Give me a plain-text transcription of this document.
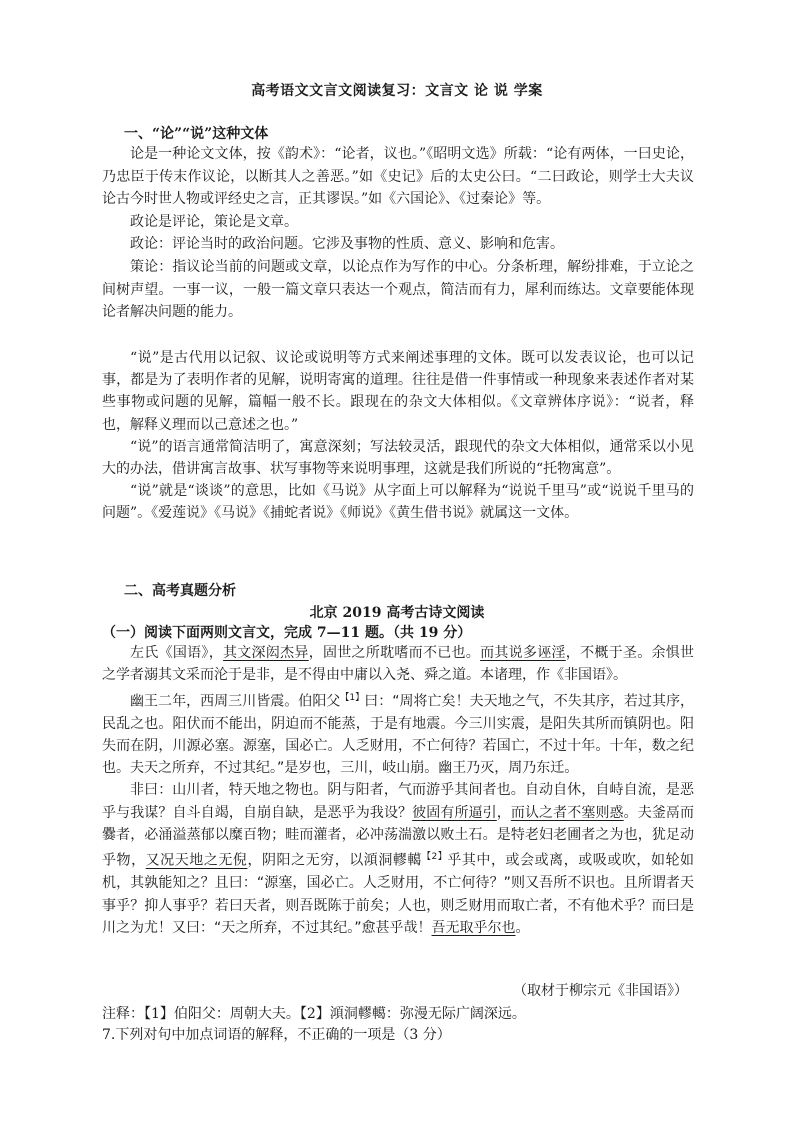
高考语文文言文阅读复习：文言文 论 说 学案
一、“论”“说”这种文体

论是一种论文文体，按《韵术》：“论者，议也。”《昭明文选》所载：“论有两体，一曰史论，乃忠臣于传末作议论，以断其人之善恶。”如《史记》后的太史公曰。“二曰政论，则学士大夫议论古今时世人物或评经史之言，正其谬误。”如《六国论》、《过秦论》等。

政论是评论，策论是文章。

政论：评论当时的政治问题。它涉及事物的性质、意义、影响和危害。

策论：指议论当前的问题或文章，以论点作为写作的中心。分条析理，解纷排难，于立论之间树声望。一事一议，一般一篇文章只表达一个观点，简洁而有力，犀利而练达。文章要能体现论者解决问题的能力。

“说”是古代用以记叙、议论或说明等方式来阐述事理的文体。既可以发表议论，也可以记事，都是为了表明作者的见解，说明寄寓的道理。往往是借一件事情或一种现象来表述作者对某些事物或问题的见解，篇幅一般不长。跟现在的杂文大体相似。《文章辨体序说》：“说者，释也，解释义理而以己意述之也。”

“说”的语言通常简洁明了，寓意深刻；写法较灵活，跟现代的杂文大体相似，通常采以小见大的办法，借讲寓言故事、状写事物等来说明事理，这就是我们所说的“托物寓意”。

“说”就是“谈谈”的意思，比如《马说》从字面上可以解释为“说说千里马”或“说说千里马的问题”。《爱莲说》《马说》《捕蛇者说》《师说》《黄生借书说》就属这一文体。

二、高考真题分析
北京 2019 高考古诗文阅读
（一）阅读下面两则文言文，完成 7—11 题。（共 19 分）

左氏《国语》，其文深闳杰异，固世之所耽嗜而不已也。而其说多诬淫，不概于圣。余惧世之学者溺其文采而沦于是非，是不得由中庸以入尧、舜之道。本诸理，作《非国语》。

幽王二年，西周三川皆震。伯阳父$^{【1】}$曰：“周将亡矣！夫天地之气，不失其序，若过其序，民乱之也。阳伏而不能出，阴迫而不能蒸，于是有地震。今三川实震，是阳失其所而镇阴也。阳失而在阴，川源必塞。源塞，国必亡。人乏财用，不亡何待？若国亡，不过十年。十年，数之纪也。夫天之所弃，不过其纪。”是岁也，三川，岐山崩。幽王乃灭，周乃东迁。

非曰：山川者，特天地之物也。阴与阳者，气而游乎其间者也。自动自休，自峙自流，是恶乎与我谋？自斗自竭，自崩自缺，是恶乎为我设？彼固有所逼引，而认之者不塞则惑。夫釜鬲而爨者，必涌溢蒸郁以糜百物；畦而灌者，必冲荡湍激以败土石。是特老妇老圃者之为也，犹足动乎物，又况天地之无倪，阴阳之无穷，以澒洞轇轕$^{【2】}$乎其中，或会或离，或吸或吹，如轮如机，其孰能知之？且曰：“源塞，国必亡。人乏财用，不亡何待？”则又吾所不识也。且所谓者天事乎？抑人事乎？若曰天者，则吾既陈于前矣；人也，则乏财用而取亡者，不有他术乎？而曰是川之为尤！又曰：“天之所弃，不过其纪。”愈甚乎哉！吾无取乎尔也。

（取材于柳宗元《非国语》）
注释：【1】伯阳父：周朝大夫。【2】澒洞轇轕：弥漫无际广阔深远。
7.下列对句中加点词语的解释，不正确的一项是（3 分）
